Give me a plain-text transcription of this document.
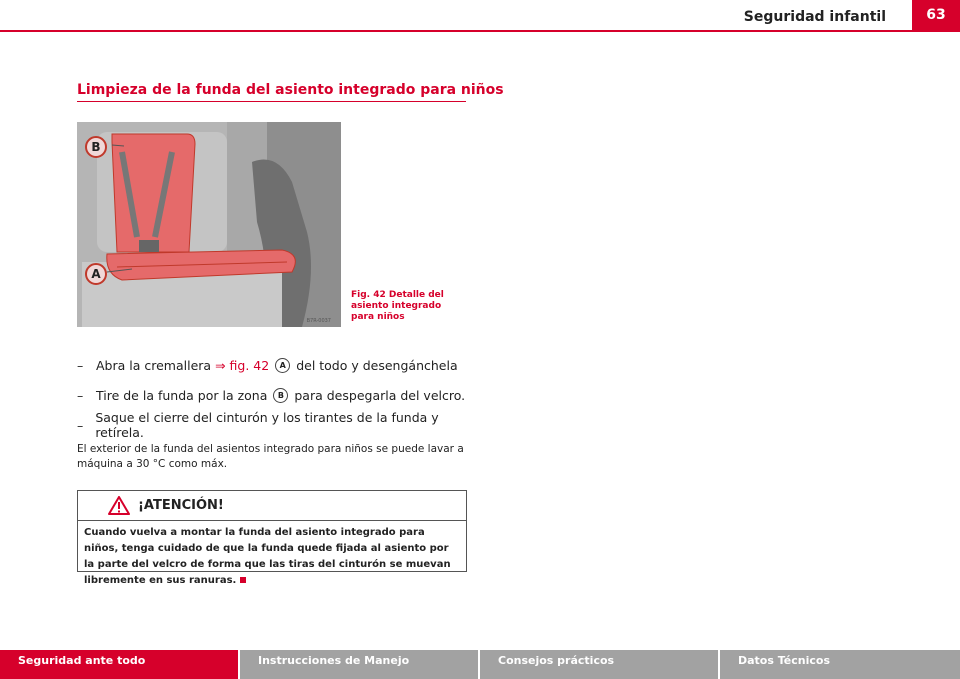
Seguridad infantil	63
Limpieza de la funda del asiento integrado para niños
B
A
B7R-0037
Fig. 42 Detalle del asiento integrado para niños
–	Abra la cremallera ⇒ fig. 42	A del todo y desengánchela
–	Tire de la funda por la zona	B para despegarla del velcro.
– Saque el cierre del cinturón y los tirantes de la funda y retírela.
El exterior de la funda del asientos integrado para niños se puede lavar a máquina a 30 °C como máx.
¡ATENCIÓN!
Cuando vuelva a montar la funda del asiento integrado para niños, tenga cuidado de que la funda quede fijada al asiento por la parte del velcro de forma que las tiras del cinturón se muevan libremente en sus ranuras.
Seguridad ante todo	Instrucciones de Manejo	Consejos prácticos	Datos Técnicos
